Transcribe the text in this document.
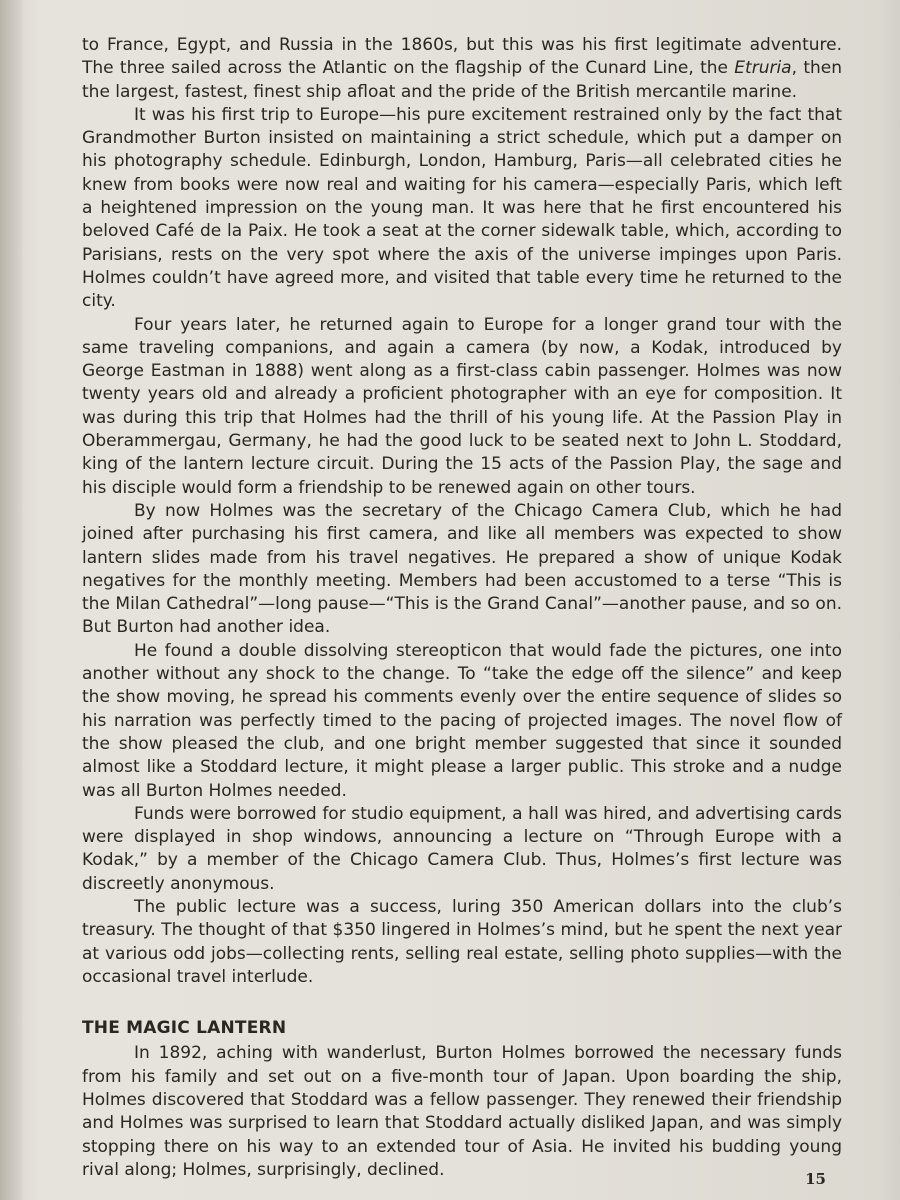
to France, Egypt, and Russia in the 1860s, but this was his first legitimate adventure. The three sailed across the Atlantic on the flagship of the Cunard Line, the Etruria, then the largest, fastest, finest ship afloat and the pride of the British mercantile marine.

It was his first trip to Europe—his pure excitement restrained only by the fact that Grandmother Burton insisted on maintaining a strict schedule, which put a damper on his photography schedule. Edinburgh, London, Hamburg, Paris—all celebrated cities he knew from books were now real and waiting for his camera—especially Paris, which left a heightened impression on the young man. It was here that he first encountered his beloved Café de la Paix. He took a seat at the corner sidewalk table, which, according to Parisians, rests on the very spot where the axis of the universe impinges upon Paris. Holmes couldn’t have agreed more, and visited that table every time he returned to the city.

Four years later, he returned again to Europe for a longer grand tour with the same traveling companions, and again a camera (by now, a Kodak, introduced by George Eastman in 1888) went along as a first-class cabin passenger. Holmes was now twenty years old and already a proficient photographer with an eye for composition. It was during this trip that Holmes had the thrill of his young life. At the Passion Play in Oberammergau, Germany, he had the good luck to be seated next to John L. Stoddard, king of the lantern lecture circuit. During the 15 acts of the Passion Play, the sage and his disciple would form a friendship to be renewed again on other tours.

By now Holmes was the secretary of the Chicago Camera Club, which he had joined after purchasing his first camera, and like all members was expected to show lantern slides made from his travel negatives. He prepared a show of unique Kodak negatives for the monthly meeting. Members had been accustomed to a terse “This is the Milan Cathedral”—long pause—“This is the Grand Canal”—another pause, and so on. But Burton had another idea.

He found a double dissolving stereopticon that would fade the pictures, one into another without any shock to the change. To “take the edge off the silence” and keep the show moving, he spread his comments evenly over the entire sequence of slides so his narration was perfectly timed to the pacing of projected images. The novel flow of the show pleased the club, and one bright member suggested that since it sounded almost like a Stoddard lecture, it might please a larger public. This stroke and a nudge was all Burton Holmes needed.

Funds were borrowed for studio equipment, a hall was hired, and advertising cards were displayed in shop windows, announcing a lecture on “Through Europe with a Kodak,” by a member of the Chicago Camera Club. Thus, Holmes’s first lecture was discreetly anonymous.

The public lecture was a success, luring 350 American dollars into the club’s treasury. The thought of that $350 lingered in Holmes’s mind, but he spent the next year at various odd jobs—collecting rents, selling real estate, selling photo supplies—with the occasional travel interlude.

THE MAGIC LANTERN

In 1892, aching with wanderlust, Burton Holmes borrowed the necessary funds from his family and set out on a five-month tour of Japan. Upon boarding the ship, Holmes discovered that Stoddard was a fellow passenger. They renewed their friendship and Holmes was surprised to learn that Stoddard actually disliked Japan, and was simply stopping there on his way to an extended tour of Asia. He invited his budding young rival along; Holmes, surprisingly, declined.	15
